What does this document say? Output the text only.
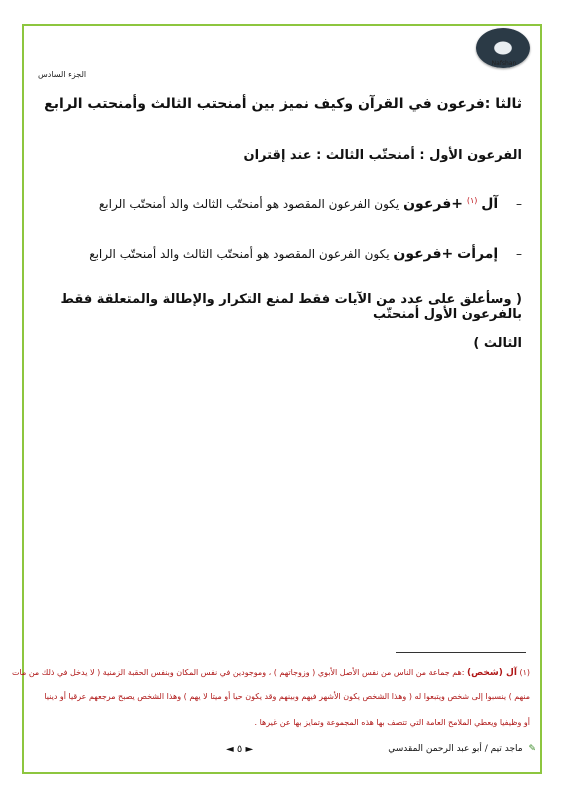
Nafshan
الجزء السادس
ثالثا :فرعون في القرآن وكيف نميز بين أمنحتب الثالث وأمنحتب الرابع
الفرعون الأول : أمنحتّب الثالث : عند إقتران
– آل $^{(١)}$ +فرعون يكون الفرعون المقصود هو أمنحتّب الثالث والد أمنحتّب الرابع
– إمرأت +فرعون يكون الفرعون المقصود هو أمنحتّب الثالث والد أمنحتّب الرابع
( وسأعلق على عدد من الآيات فقط لمنع التكرار والإطالة والمتعلقة فقط بالفرعون الأول أمنحتّب
الثالث )
(١) آل (شخص) :هم جماعة من الناس من نفس الأصل الأبوي ( وزوجاتهم ) ، وموجودين في نفس المكان وبنفس الحقبة الزمنية ( لا يدخل في ذلك من مات
منهم ) ينسبوا إلى شخص ويتبعوا له ( وهذا الشخص يكون الأشهر فيهم وبينهم وقد يكون حيا أو ميتا لا يهم ) وهذا الشخص يصبح مرجعهم عرقيا أو دينيا
أو وظيفيا ويعطي الملامح العامة التي تتصف بها هذه المجموعة وتمايز بها عن غيرها .
► ٥ ◄	✎ ماجد تيم / أبو عبد الرحمن المقدسي
